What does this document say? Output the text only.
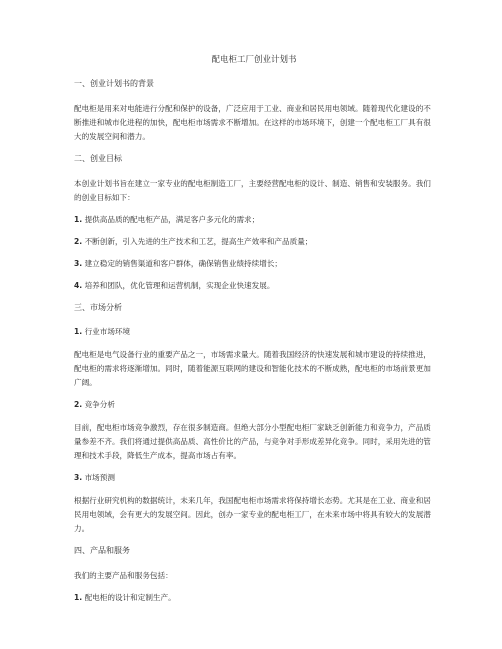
配电柜工厂创业计划书
一、创业计划书的背景
配电柜是用来对电能进行分配和保护的设备，广泛应用于工业、商业和居民用电领域。随着现代化建设的不断推进和城市化进程的加快，配电柜市场需求不断增加。在这样的市场环境下，创建一个配电柜工厂具有很大的发展空间和潜力。
二、创业目标
本创业计划书旨在建立一家专业的配电柜制造工厂，主要经营配电柜的设计、制造、销售和安装服务。我们的创业目标如下：
1. 提供高品质的配电柜产品，满足客户多元化的需求；
2. 不断创新，引入先进的生产技术和工艺，提高生产效率和产品质量；
3. 建立稳定的销售渠道和客户群体，确保销售业绩持续增长；
4. 培养和团队，优化管理和运营机制，实现企业快速发展。
三、市场分析
1. 行业市场环境
配电柜是电气设备行业的重要产品之一，市场需求量大。随着我国经济的快速发展和城市建设的持续推进，配电柜的需求将逐渐增加。同时，随着能源互联网的建设和智能化技术的不断成熟，配电柜的市场前景更加广阔。
2. 竞争分析
目前，配电柜市场竞争激烈，存在很多制造商。但绝大部分小型配电柜厂家缺乏创新能力和竞争力，产品质量参差不齐。我们将通过提供高品质、高性价比的产品，与竞争对手形成差异化竞争。同时，采用先进的管理和技术手段，降低生产成本，提高市场占有率。
3. 市场预测
根据行业研究机构的数据统计，未来几年，我国配电柜市场需求将保持增长态势。尤其是在工业、商业和居民用电领域，会有更大的发展空间。因此，创办一家专业的配电柜工厂，在未来市场中将具有较大的发展潜力。
四、产品和服务
我们的主要产品和服务包括：
1. 配电柜的设计和定制生产。
